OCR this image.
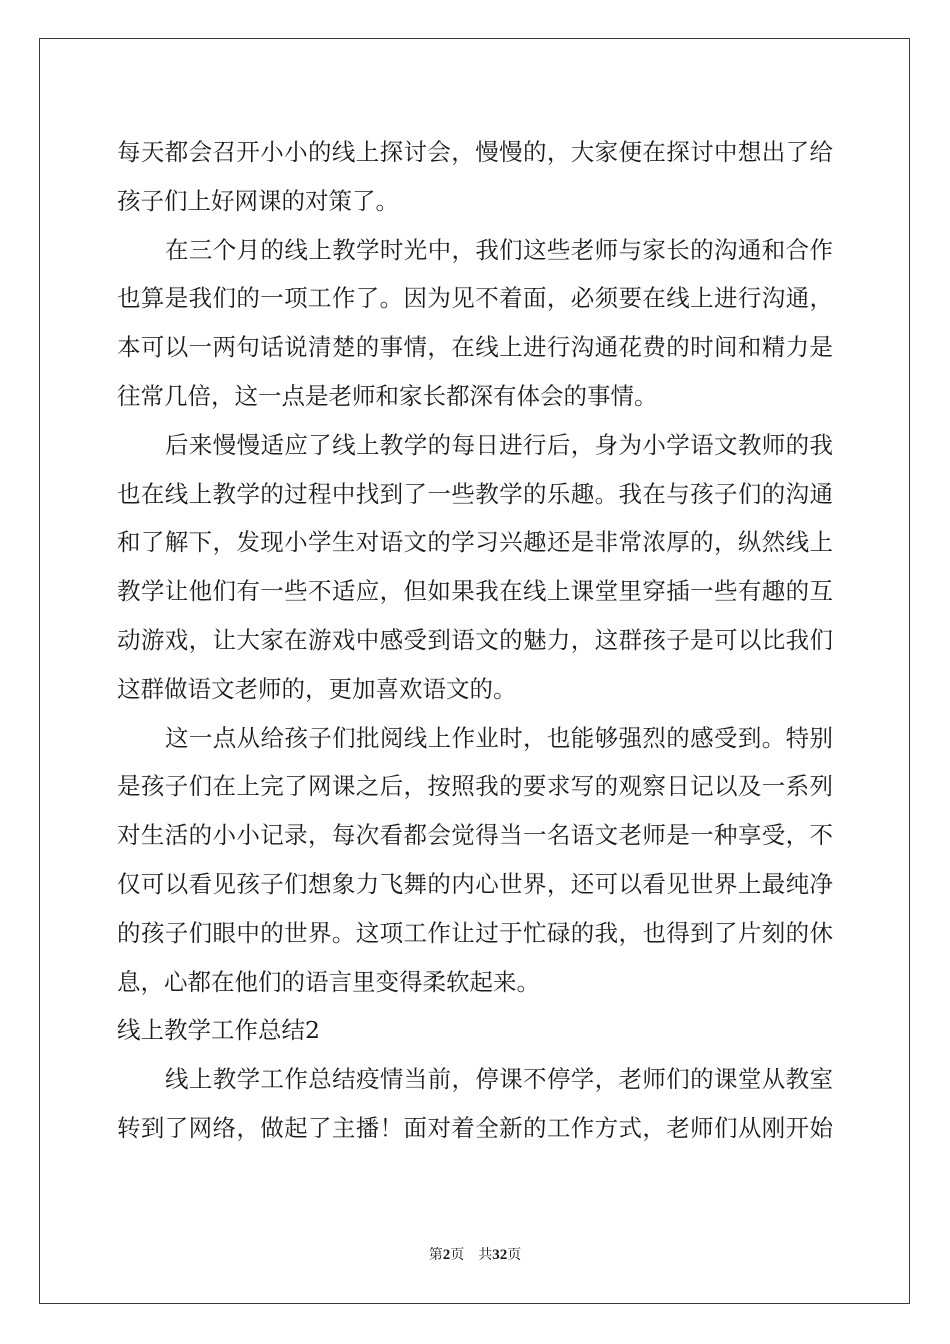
每天都会召开小小的线上探讨会，慢慢的，大家便在探讨中想出了给
孩子们上好网课的对策了。
在三个月的线上教学时光中，我们这些老师与家长的沟通和合作
也算是我们的一项工作了。因为见不着面，必须要在线上进行沟通，
本可以一两句话说清楚的事情，在线上进行沟通花费的时间和精力是
往常几倍，这一点是老师和家长都深有体会的事情。
后来慢慢适应了线上教学的每日进行后，身为小学语文教师的我
也在线上教学的过程中找到了一些教学的乐趣。我在与孩子们的沟通
和了解下，发现小学生对语文的学习兴趣还是非常浓厚的，纵然线上
教学让他们有一些不适应，但如果我在线上课堂里穿插一些有趣的互
动游戏，让大家在游戏中感受到语文的魅力，这群孩子是可以比我们
这群做语文老师的，更加喜欢语文的。
这一点从给孩子们批阅线上作业时，也能够强烈的感受到。特别
是孩子们在上完了网课之后，按照我的要求写的观察日记以及一系列
对生活的小小记录，每次看都会觉得当一名语文老师是一种享受，不
仅可以看见孩子们想象力飞舞的内心世界，还可以看见世界上最纯净
的孩子们眼中的世界。这项工作让过于忙碌的我，也得到了片刻的休
息，心都在他们的语言里变得柔软起来。
线上教学工作总结2
线上教学工作总结疫情当前，停课不停学，老师们的课堂从教室
转到了网络，做起了主播！面对着全新的工作方式，老师们从刚开始
第2页 共32页
